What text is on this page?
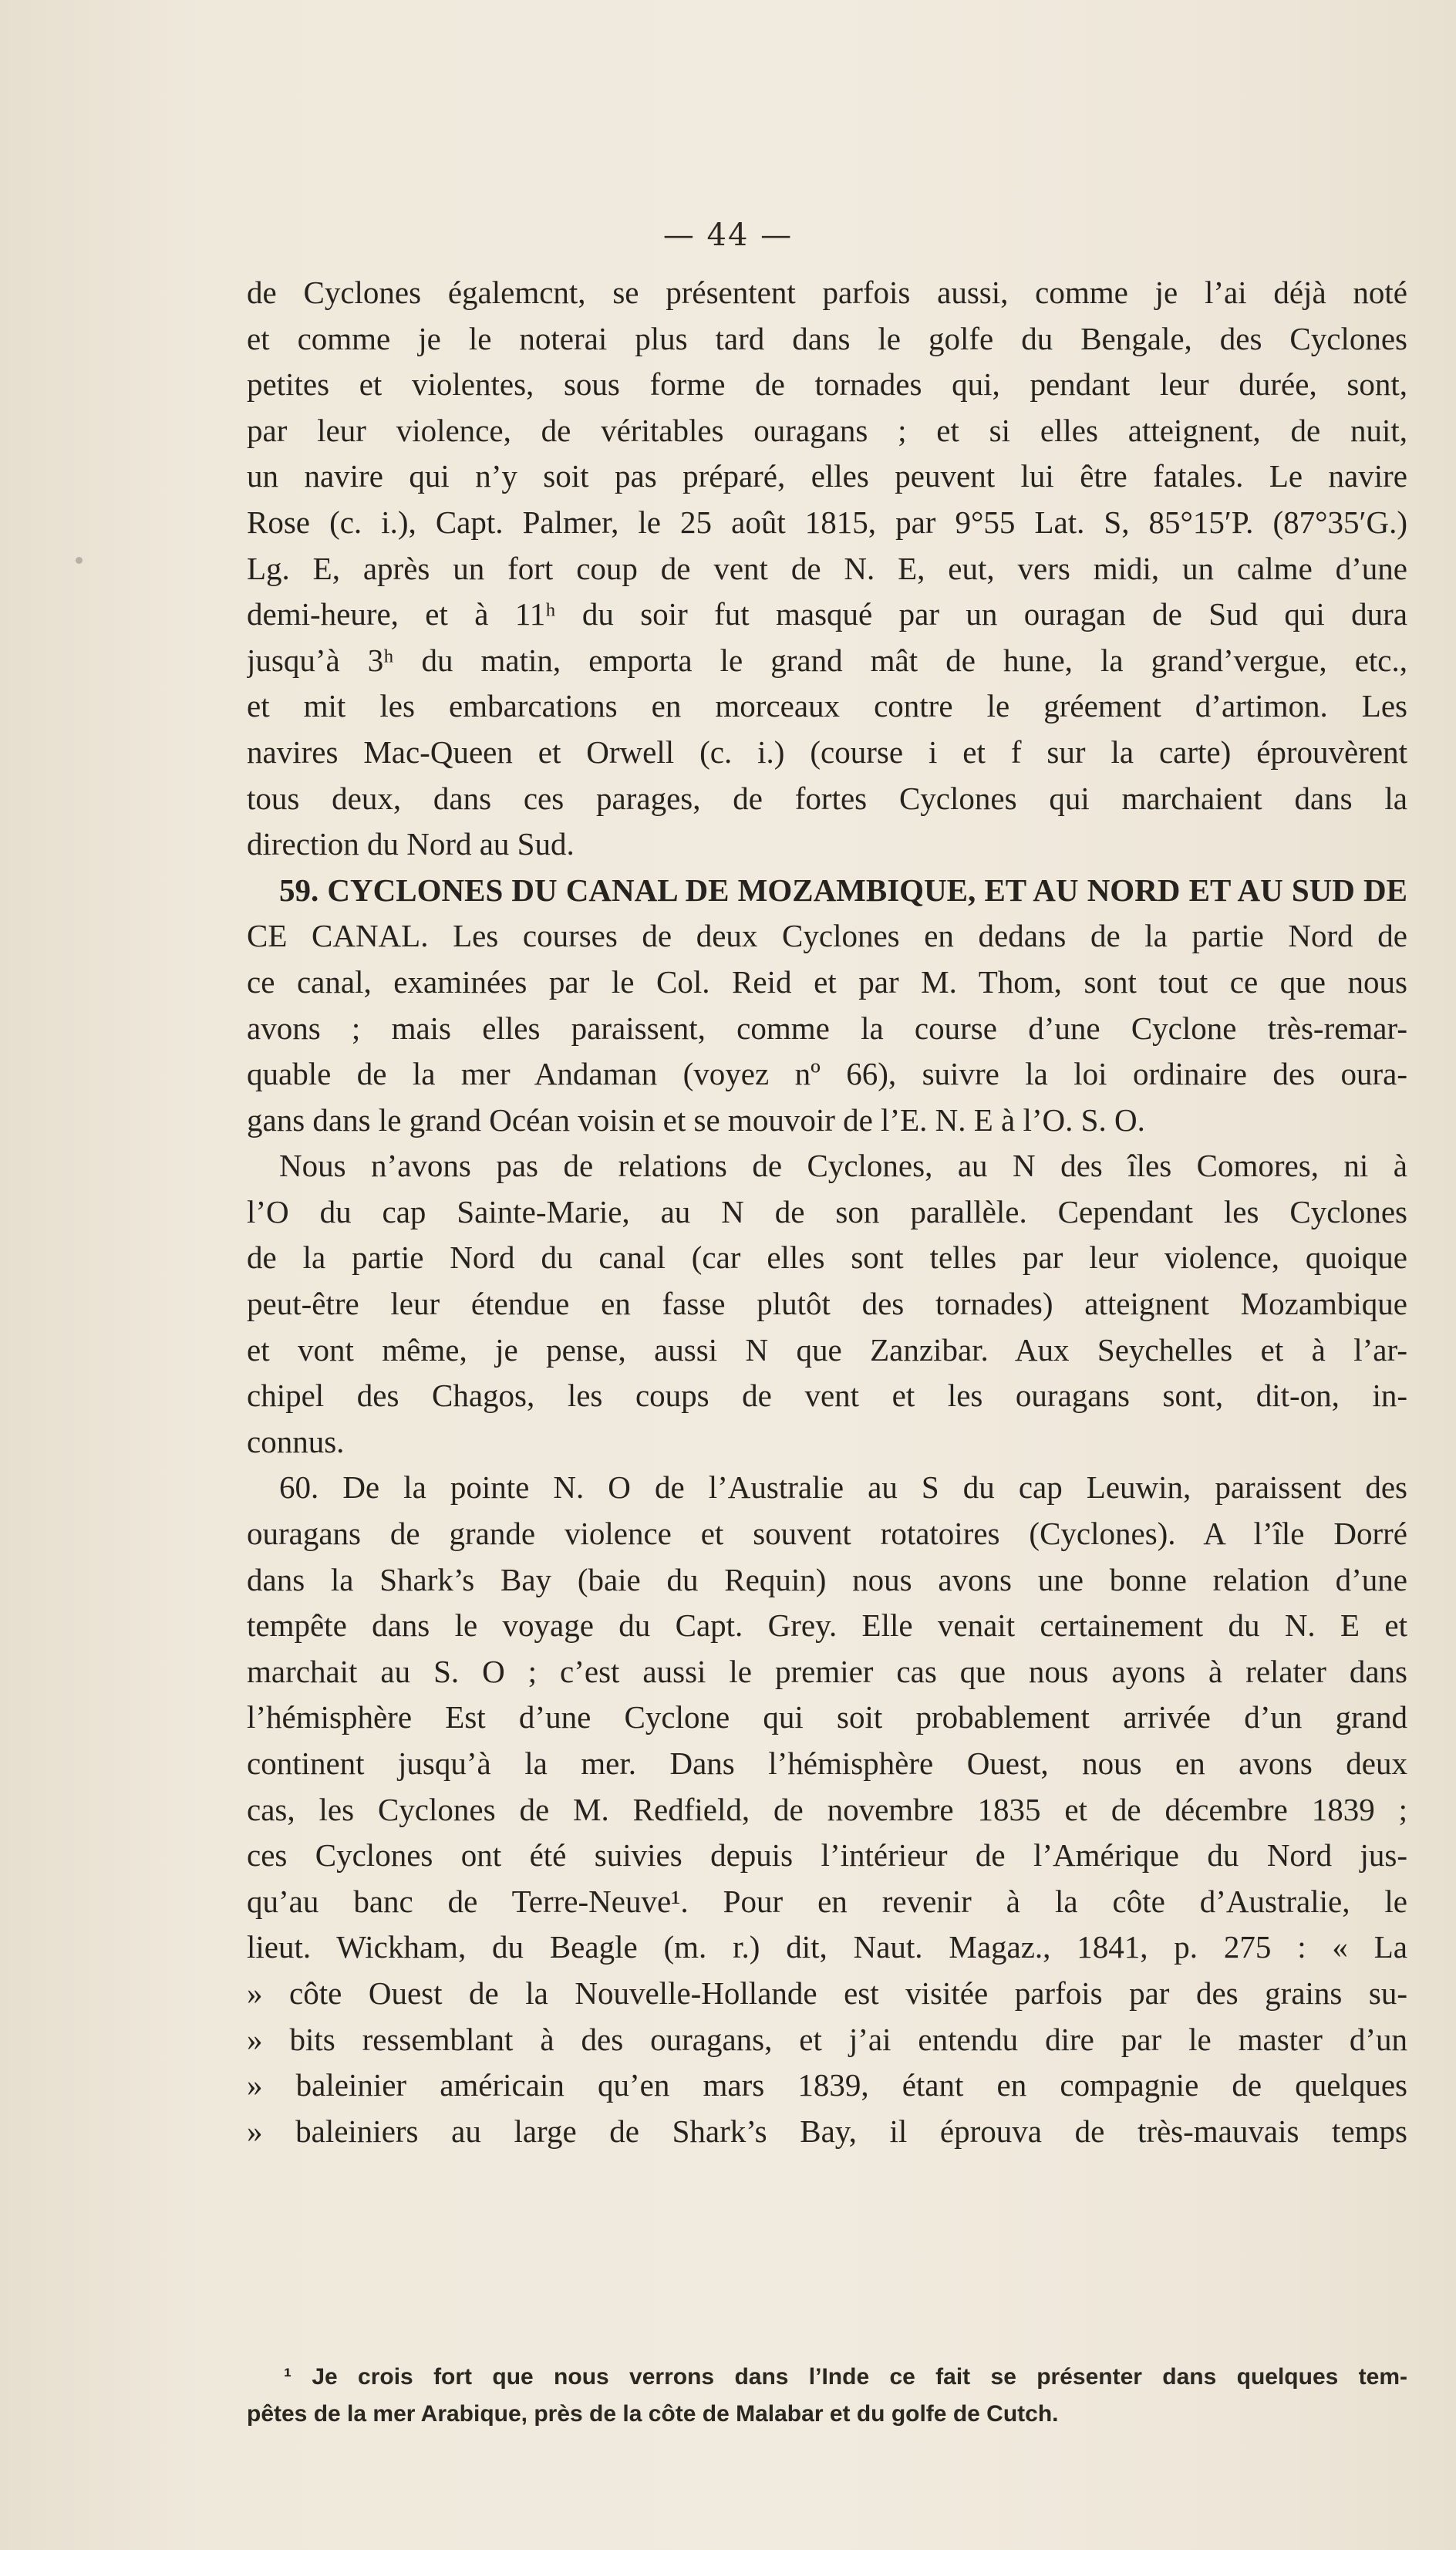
— 44 —
de Cyclones égalemcnt, se présentent parfois aussi, comme je l’ai déjà noté
et comme je le noterai plus tard dans le golfe du Bengale, des Cyclones
petites et violentes, sous forme de tornades qui, pendant leur durée, sont,
par leur violence, de véritables ouragans ; et si elles atteignent, de nuit,
un navire qui n’y soit pas préparé, elles peuvent lui être fatales. Le navire
Rose (c. i.), Capt. Palmer, le 25 août 1815, par 9°55 Lat. S, 85°15′P. (87°35′G.)
Lg. E, après un fort coup de vent de N. E, eut, vers midi, un calme d’une
demi-heure, et à 11ʰ du soir fut masqué par un ouragan de Sud qui dura
jusqu’à 3ʰ du matin, emporta le grand mât de hune, la grand’vergue, etc.,
et mit les embarcations en morceaux contre le gréement d’artimon. Les
navires Mac-Queen et Orwell (c. i.) (course i et f sur la carte) éprouvèrent
tous deux, dans ces parages, de fortes Cyclones qui marchaient dans la
direction du Nord au Sud.
59. CYCLONES DU CANAL DE MOZAMBIQUE, ET AU NORD ET AU SUD DE
CE CANAL. Les courses de deux Cyclones en dedans de la partie Nord de
ce canal, examinées par le Col. Reid et par M. Thom, sont tout ce que nous
avons ; mais elles paraissent, comme la course d’une Cyclone très-remar-
quable de la mer Andaman (voyez nº 66), suivre la loi ordinaire des oura-
gans dans le grand Océan voisin et se mouvoir de l’E. N. E à l’O. S. O.
Nous n’avons pas de relations de Cyclones, au N des îles Comores, ni à
l’O du cap Sainte-Marie, au N de son parallèle. Cependant les Cyclones
de la partie Nord du canal (car elles sont telles par leur violence, quoique
peut-être leur étendue en fasse plutôt des tornades) atteignent Mozambique
et vont même, je pense, aussi N que Zanzibar. Aux Seychelles et à l’ar-
chipel des Chagos, les coups de vent et les ouragans sont, dit-on, in-
connus.
60. De la pointe N. O de l’Australie au S du cap Leuwin, paraissent des
ouragans de grande violence et souvent rotatoires (Cyclones). A l’île Dorré
dans la Shark’s Bay (baie du Requin) nous avons une bonne relation d’une
tempête dans le voyage du Capt. Grey. Elle venait certainement du N. E et
marchait au S. O ; c’est aussi le premier cas que nous ayons à relater dans
l’hémisphère Est d’une Cyclone qui soit probablement arrivée d’un grand
continent jusqu’à la mer. Dans l’hémisphère Ouest, nous en avons deux
cas, les Cyclones de M. Redfield, de novembre 1835 et de décembre 1839 ;
ces Cyclones ont été suivies depuis l’intérieur de l’Amérique du Nord jus-
qu’au banc de Terre-Neuve¹. Pour en revenir à la côte d’Australie, le
lieut. Wickham, du Beagle (m. r.) dit, Naut. Magaz., 1841, p. 275 : « La
» côte Ouest de la Nouvelle-Hollande est visitée parfois par des grains su-
» bits ressemblant à des ouragans, et j’ai entendu dire par le master d’un
» baleinier américain qu’en mars 1839, étant en compagnie de quelques
» baleiniers au large de Shark’s Bay, il éprouva de très-mauvais temps
¹ Je crois fort que nous verrons dans l’Inde ce fait se présenter dans quelques tem-
pêtes de la mer Arabique, près de la côte de Malabar et du golfe de Cutch.
